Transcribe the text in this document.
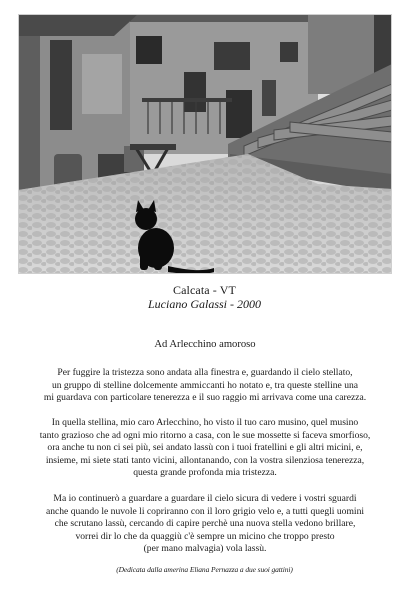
Calcata - VT
Luciano Galassi - 2000
Ad Arlecchino amoroso
Per fuggire la tristezza sono andata alla finestra e, guardando il cielo stellato,
un gruppo di stelline dolcemente ammiccanti ho notato e, tra queste stelline una
mi guardava con particolare tenerezza e il suo raggio mi arrivava come una carezza.
In quella stellina, mio caro Arlecchino, ho visto il tuo caro musino, quel musino
tanto grazioso che ad ogni mio ritorno a casa, con le sue mossette si faceva smorfioso,
ora anche tu non ci sei più, sei andato lassù con i tuoi fratellini e gli altri micini, e,
insieme, mi siete stati tanto vicini, allontanando, con la vostra silenziosa tenerezza,
questa grande profonda mia tristezza.
Ma io continuerò a guardare a guardare il cielo sicura di vedere i vostri sguardi
anche quando le nuvole li copriranno con il loro grigio velo e, a tutti quegli uomini
che scrutano lassù, cercando di capire perchè una nuova stella vedono brillare,
vorrei dir lo che da quaggiù c'è sempre un micino che troppo presto
(per mano malvagia) vola lassù.
(Dedicata dalla amerina Eliana Pernazza a due suoi gattini)
